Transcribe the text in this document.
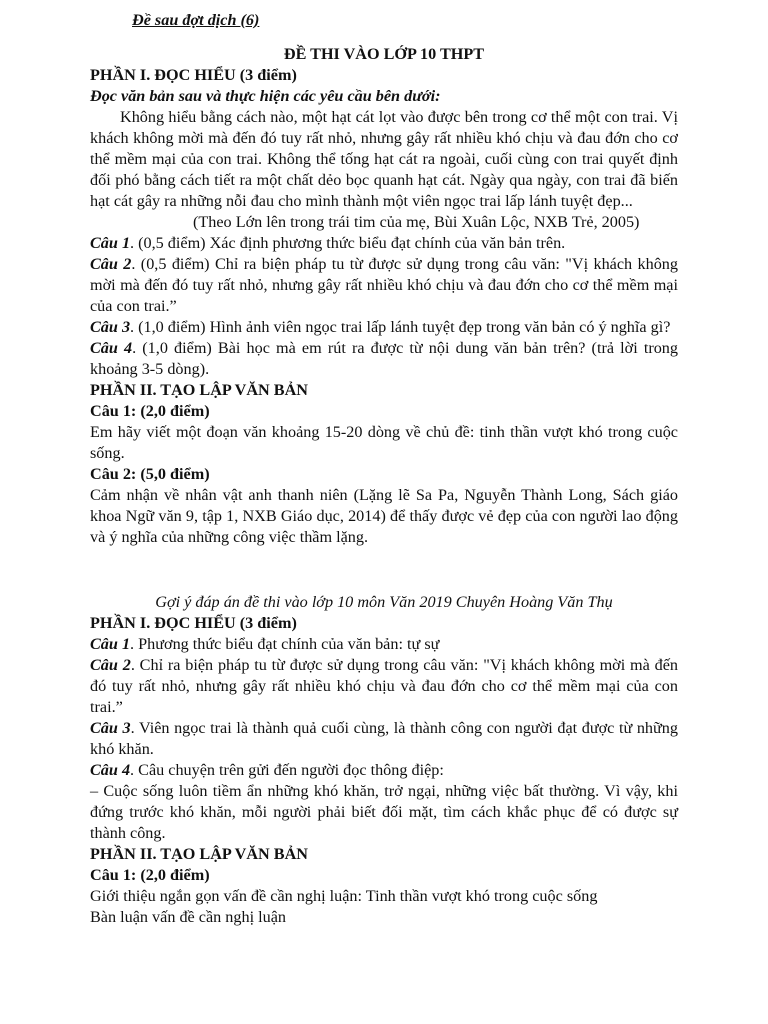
Đề sau đợt dịch (6)

ĐỀ THI VÀO LỚP 10 THPT

PHẦN I. ĐỌC HIỂU (3 điểm)

Đọc văn bản sau và thực hiện các yêu cầu bên dưới:

Không hiểu bằng cách nào, một hạt cát lọt vào được bên trong cơ thể một con trai. Vị khách không mời mà đến đó tuy rất nhỏ, nhưng gây rất nhiều khó chịu và đau đớn cho cơ thể mềm mại của con trai. Không thể tống hạt cát ra ngoài, cuối cùng con trai quyết định đối phó bằng cách tiết ra một chất dẻo bọc quanh hạt cát. Ngày qua ngày, con trai đã biến hạt cát gây ra những nỗi đau cho mình thành một viên ngọc trai lấp lánh tuyệt đẹp...

(Theo Lớn lên trong trái tim của mẹ, Bùi Xuân Lộc, NXB Trẻ, 2005)

Câu 1. (0,5 điểm) Xác định phương thức biểu đạt chính của văn bản trên.

Câu 2. (0,5 điểm) Chỉ ra biện pháp tu từ được sử dụng trong câu văn: "Vị khách không mời mà đến đó tuy rất nhỏ, nhưng gây rất nhiều khó chịu và đau đớn cho cơ thể mềm mại của con trai.”

Câu 3. (1,0 điểm) Hình ảnh viên ngọc trai lấp lánh tuyệt đẹp trong văn bản có ý nghĩa gì?

Câu 4. (1,0 điểm) Bài học mà em rút ra được từ nội dung văn bản trên? (trả lời trong khoảng 3-5 dòng).

PHẦN II. TẠO LẬP VĂN BẢN

Câu 1: (2,0 điểm)

Em hãy viết một đoạn văn khoảng 15-20 dòng về chủ đề: tinh thần vượt khó trong cuộc sống.

Câu 2: (5,0 điểm)

Cảm nhận về nhân vật anh thanh niên (Lặng lẽ Sa Pa, Nguyễn Thành Long, Sách giáo khoa Ngữ văn 9, tập 1, NXB Giáo dục, 2014) để thấy được vẻ đẹp của con người lao động và ý nghĩa của những công việc thầm lặng.

Gợi ý đáp án đề thi vào lớp 10 môn Văn 2019 Chuyên Hoàng Văn Thụ

PHẦN I. ĐỌC HIỂU (3 điểm)

Câu 1. Phương thức biểu đạt chính của văn bản: tự sự

Câu 2. Chỉ ra biện pháp tu từ được sử dụng trong câu văn: "Vị khách không mời mà đến đó tuy rất nhỏ, nhưng gây rất nhiều khó chịu và đau đớn cho cơ thể mềm mại của con trai.”

Câu 3. Viên ngọc trai là thành quả cuối cùng, là thành công con người đạt được từ những khó khăn.

Câu 4. Câu chuyện trên gửi đến người đọc thông điệp:

– Cuộc sống luôn tiềm ẩn những khó khăn, trở ngại, những việc bất thường. Vì vậy, khi đứng trước khó khăn, mỗi người phải biết đối mặt, tìm cách khắc phục để có được sự thành công.

PHẦN II. TẠO LẬP VĂN BẢN

Câu 1: (2,0 điểm)

Giới thiệu ngắn gọn vấn đề cần nghị luận: Tinh thần vượt khó trong cuộc sống

Bàn luận vấn đề cần nghị luận
